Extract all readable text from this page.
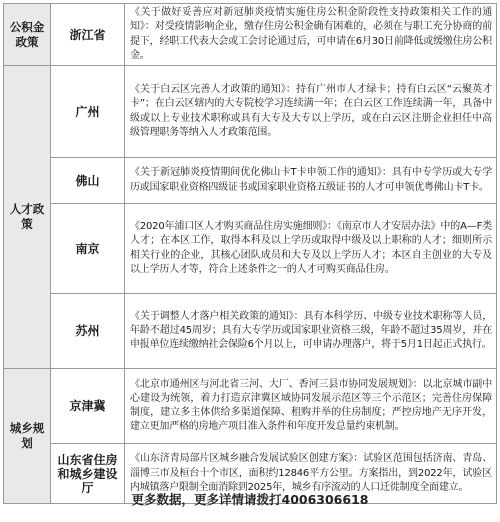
公积金政策	浙江省	《关于做好妥善应对新冠肺炎疫情实施住房公积金阶段性支持政策相关工作的通知》：对受疫情影响企业，缴存住房公积金确有困难的，必须在与职工充分协商的前提下，经职工代表大会或工会讨论通过后，可申请在6月30日前降低或缓缴住房公积金。
人才政策	广州	《关于白云区完善人才政策的通知》：持有广州市人才绿卡；持有白云区“云聚英才卡”；在白云区辖内的大专院校学习连续满一年；在白云区工作连续满一年，具备中级或以上专业技术职称或具有大专及大专以上学历，或在白云区注册企业担任中高级管理职务等纳入人才政策范围。
	佛山	《关于新冠肺炎疫情期间优化佛山卡T卡申领工作的通知》：具有中专学历或大专学历或国家职业资格四级证书或国家职业资格五级证书的人才可申领优粤佛山卡T卡。
	南京	《2020年浦口区人才购买商品住房实施细则》：《南京市人才安居办法》中的A—F类人才；在本区工作，取得本科及以上学历或取得中级及以上职称的人才；细则所示相关行业的企业，其核心团队成员和大专及以上学历人才；本区自主创业的大专及以上学历人才等，符合上述条件之一的人才可购买商品住房。
	苏州	《关于调整人才落户相关政策的通知》：具有本科学历、中级专业技术职称等人员，年龄不超过45周岁；具有大专学历或国家职业资格三级，年龄不超过35周岁，并在申报单位连续缴纳社会保险6个月以上，可申请办理落户，将于5月1日起正式执行。
城乡规划	京津冀	《北京市通州区与河北省三河、大厂、香河三县市协同发展规划》：以北京城市副中心建设为统领，着力打造京津冀区域协同发展示范区等三个示范区；完善住房保障制度，建立多主体供给多渠道保障、租购并举的住房制度；严控房地产无序开发，建立更加严格的房地产项目准入条件和年度开发总量约束机制。
	山东省住房和城乡建设厅	《山东济青局部片区城乡融合发展试验区创建方案》：试验区范围包括济南、青岛、淄博三市及桓台十个市区，面积约12846平方公里。方案指出，到2022年，试验区内城镇落户限制全面消除到2025年，城乡有序流动的人口迁徙制度全面建立。
更多数据，更多详情请拨打4006306618
